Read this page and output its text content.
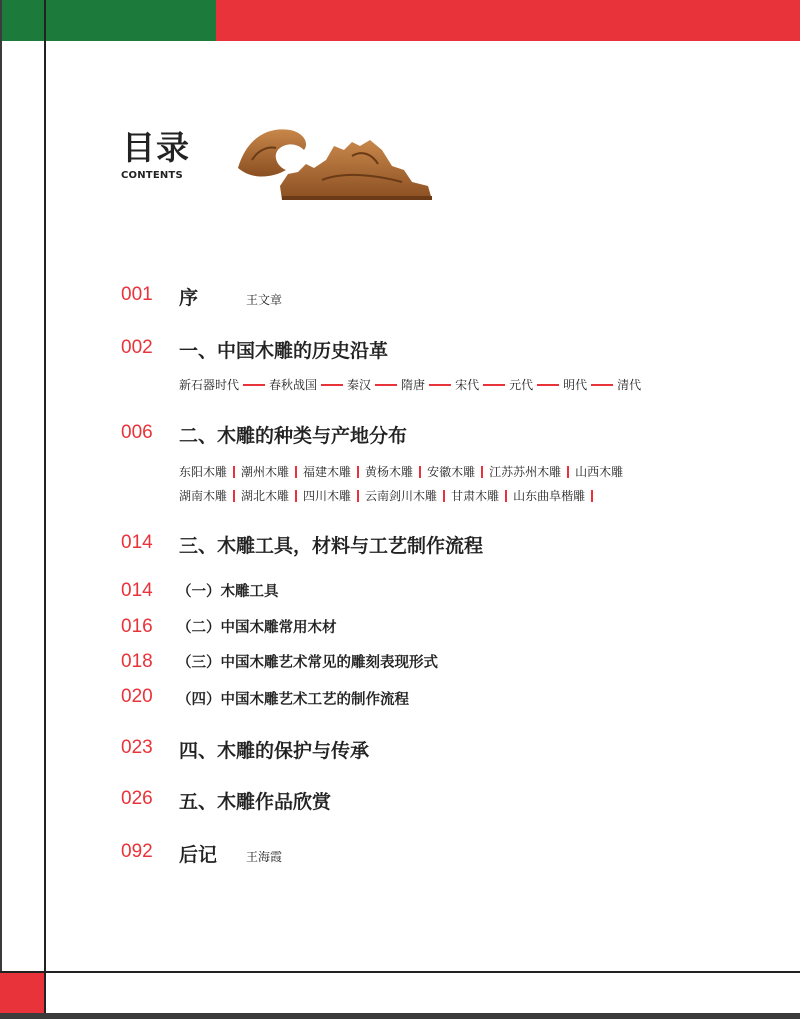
目录
CONTENTS
001 序	王文章
002 一、中国木雕的历史沿革
新石器时代	春秋战国	秦汉	隋唐	宋代	元代	明代	清代
006 二、木雕的种类与产地分布
东阳木雕 潮州木雕 福建木雕 黄杨木雕 安徽木雕 江苏苏州木雕 山西木雕
湖南木雕 湖北木雕 四川木雕 云南剑川木雕 甘肃木雕 山东曲阜楷雕
014 三、木雕工具，材料与工艺制作流程
014 （一）木雕工具
016 （二）中国木雕常用木材
018 （三）中国木雕艺术常见的雕刻表现形式
020 （四）中国木雕艺术工艺的制作流程
023 四、木雕的保护与传承
026 五、木雕作品欣赏
092 后记 王海霞
